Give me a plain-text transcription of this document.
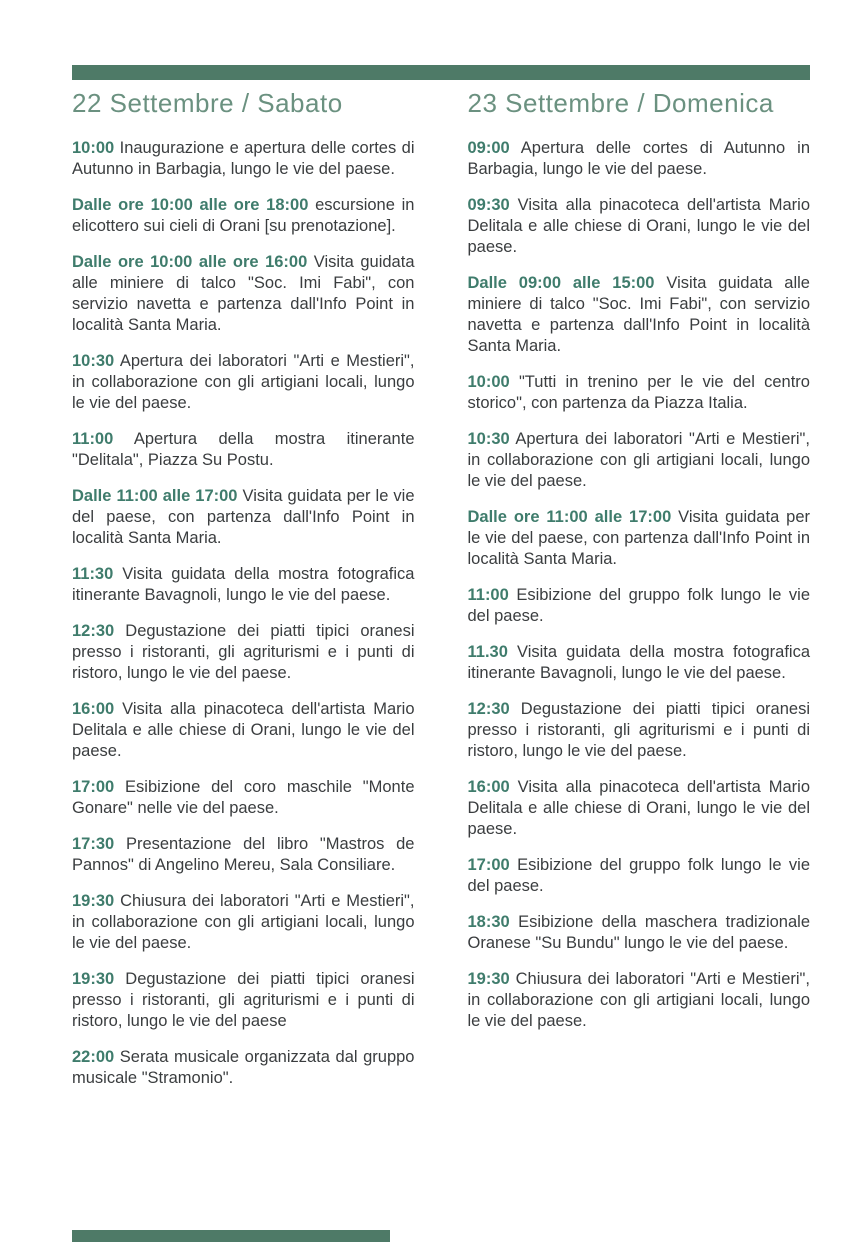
22 Settembre / Sabato

10:00 Inaugurazione e apertura delle cortes di Autunno in Barbagia, lungo le vie del paese.

Dalle ore 10:00 alle ore 18:00 escursione in elicottero sui cieli di Orani [su prenotazione].

Dalle ore 10:00 alle ore 16:00 Visita guidata alle miniere di talco "Soc. Imi Fabi", con servizio navetta e partenza dall'Info Point in località Santa Maria.

10:30 Apertura dei laboratori "Arti e Mestieri", in collaborazione con gli artigiani locali, lungo le vie del paese.

11:00 Apertura della mostra itinerante "Delitala", Piazza Su Postu.

Dalle 11:00 alle 17:00 Visita guidata per le vie del paese, con partenza dall'Info Point in località Santa Maria.

11:30 Visita guidata della mostra fotografica itinerante Bavagnoli, lungo le vie del paese.

12:30 Degustazione dei piatti tipici oranesi presso i ristoranti, gli agriturismi e i punti di ristoro, lungo le vie del paese.

16:00 Visita alla pinacoteca dell'artista Mario Delitala e alle chiese di Orani, lungo le vie del paese.

17:00 Esibizione del coro maschile "Monte Gonare" nelle vie del paese.

17:30 Presentazione del libro "Mastros de Pannos" di Angelino Mereu, Sala Consiliare.

19:30 Chiusura dei laboratori "Arti e Mestieri", in collaborazione con gli artigiani locali, lungo le vie del paese.

19:30 Degustazione dei piatti tipici oranesi presso i ristoranti, gli agriturismi e i punti di ristoro, lungo le vie del paese

22:00 Serata musicale organizzata dal gruppo musicale "Stramonio".

23 Settembre / Domenica

09:00 Apertura delle cortes di Autunno in Barbagia, lungo le vie del paese.

09:30 Visita alla pinacoteca dell'artista Mario Delitala e alle chiese di Orani, lungo le vie del paese.

Dalle 09:00 alle 15:00 Visita guidata alle miniere di talco "Soc. Imi Fabi", con servizio navetta e partenza dall'Info Point in località Santa Maria.

10:00 "Tutti in trenino per le vie del centro storico", con partenza da Piazza Italia.

10:30 Apertura dei laboratori "Arti e Mestieri", in collaborazione con gli artigiani locali, lungo le vie del paese.

Dalle ore 11:00 alle 17:00 Visita guidata per le vie del paese, con partenza dall'Info Point in località Santa Maria.

11:00 Esibizione del gruppo folk lungo le vie del paese.

11.30 Visita guidata della mostra fotografica itinerante Bavagnoli, lungo le vie del paese.

12:30 Degustazione dei piatti tipici oranesi presso i ristoranti, gli agriturismi e i punti di ristoro, lungo le vie del paese.

16:00 Visita alla pinacoteca dell'artista Mario Delitala e alle chiese di Orani, lungo le vie del paese.

17:00 Esibizione del gruppo folk lungo le vie del paese.

18:30 Esibizione della maschera tradizionale Oranese "Su Bundu" lungo le vie del paese.

19:30 Chiusura dei laboratori "Arti e Mestieri", in collaborazione con gli artigiani locali, lungo le vie del paese.
